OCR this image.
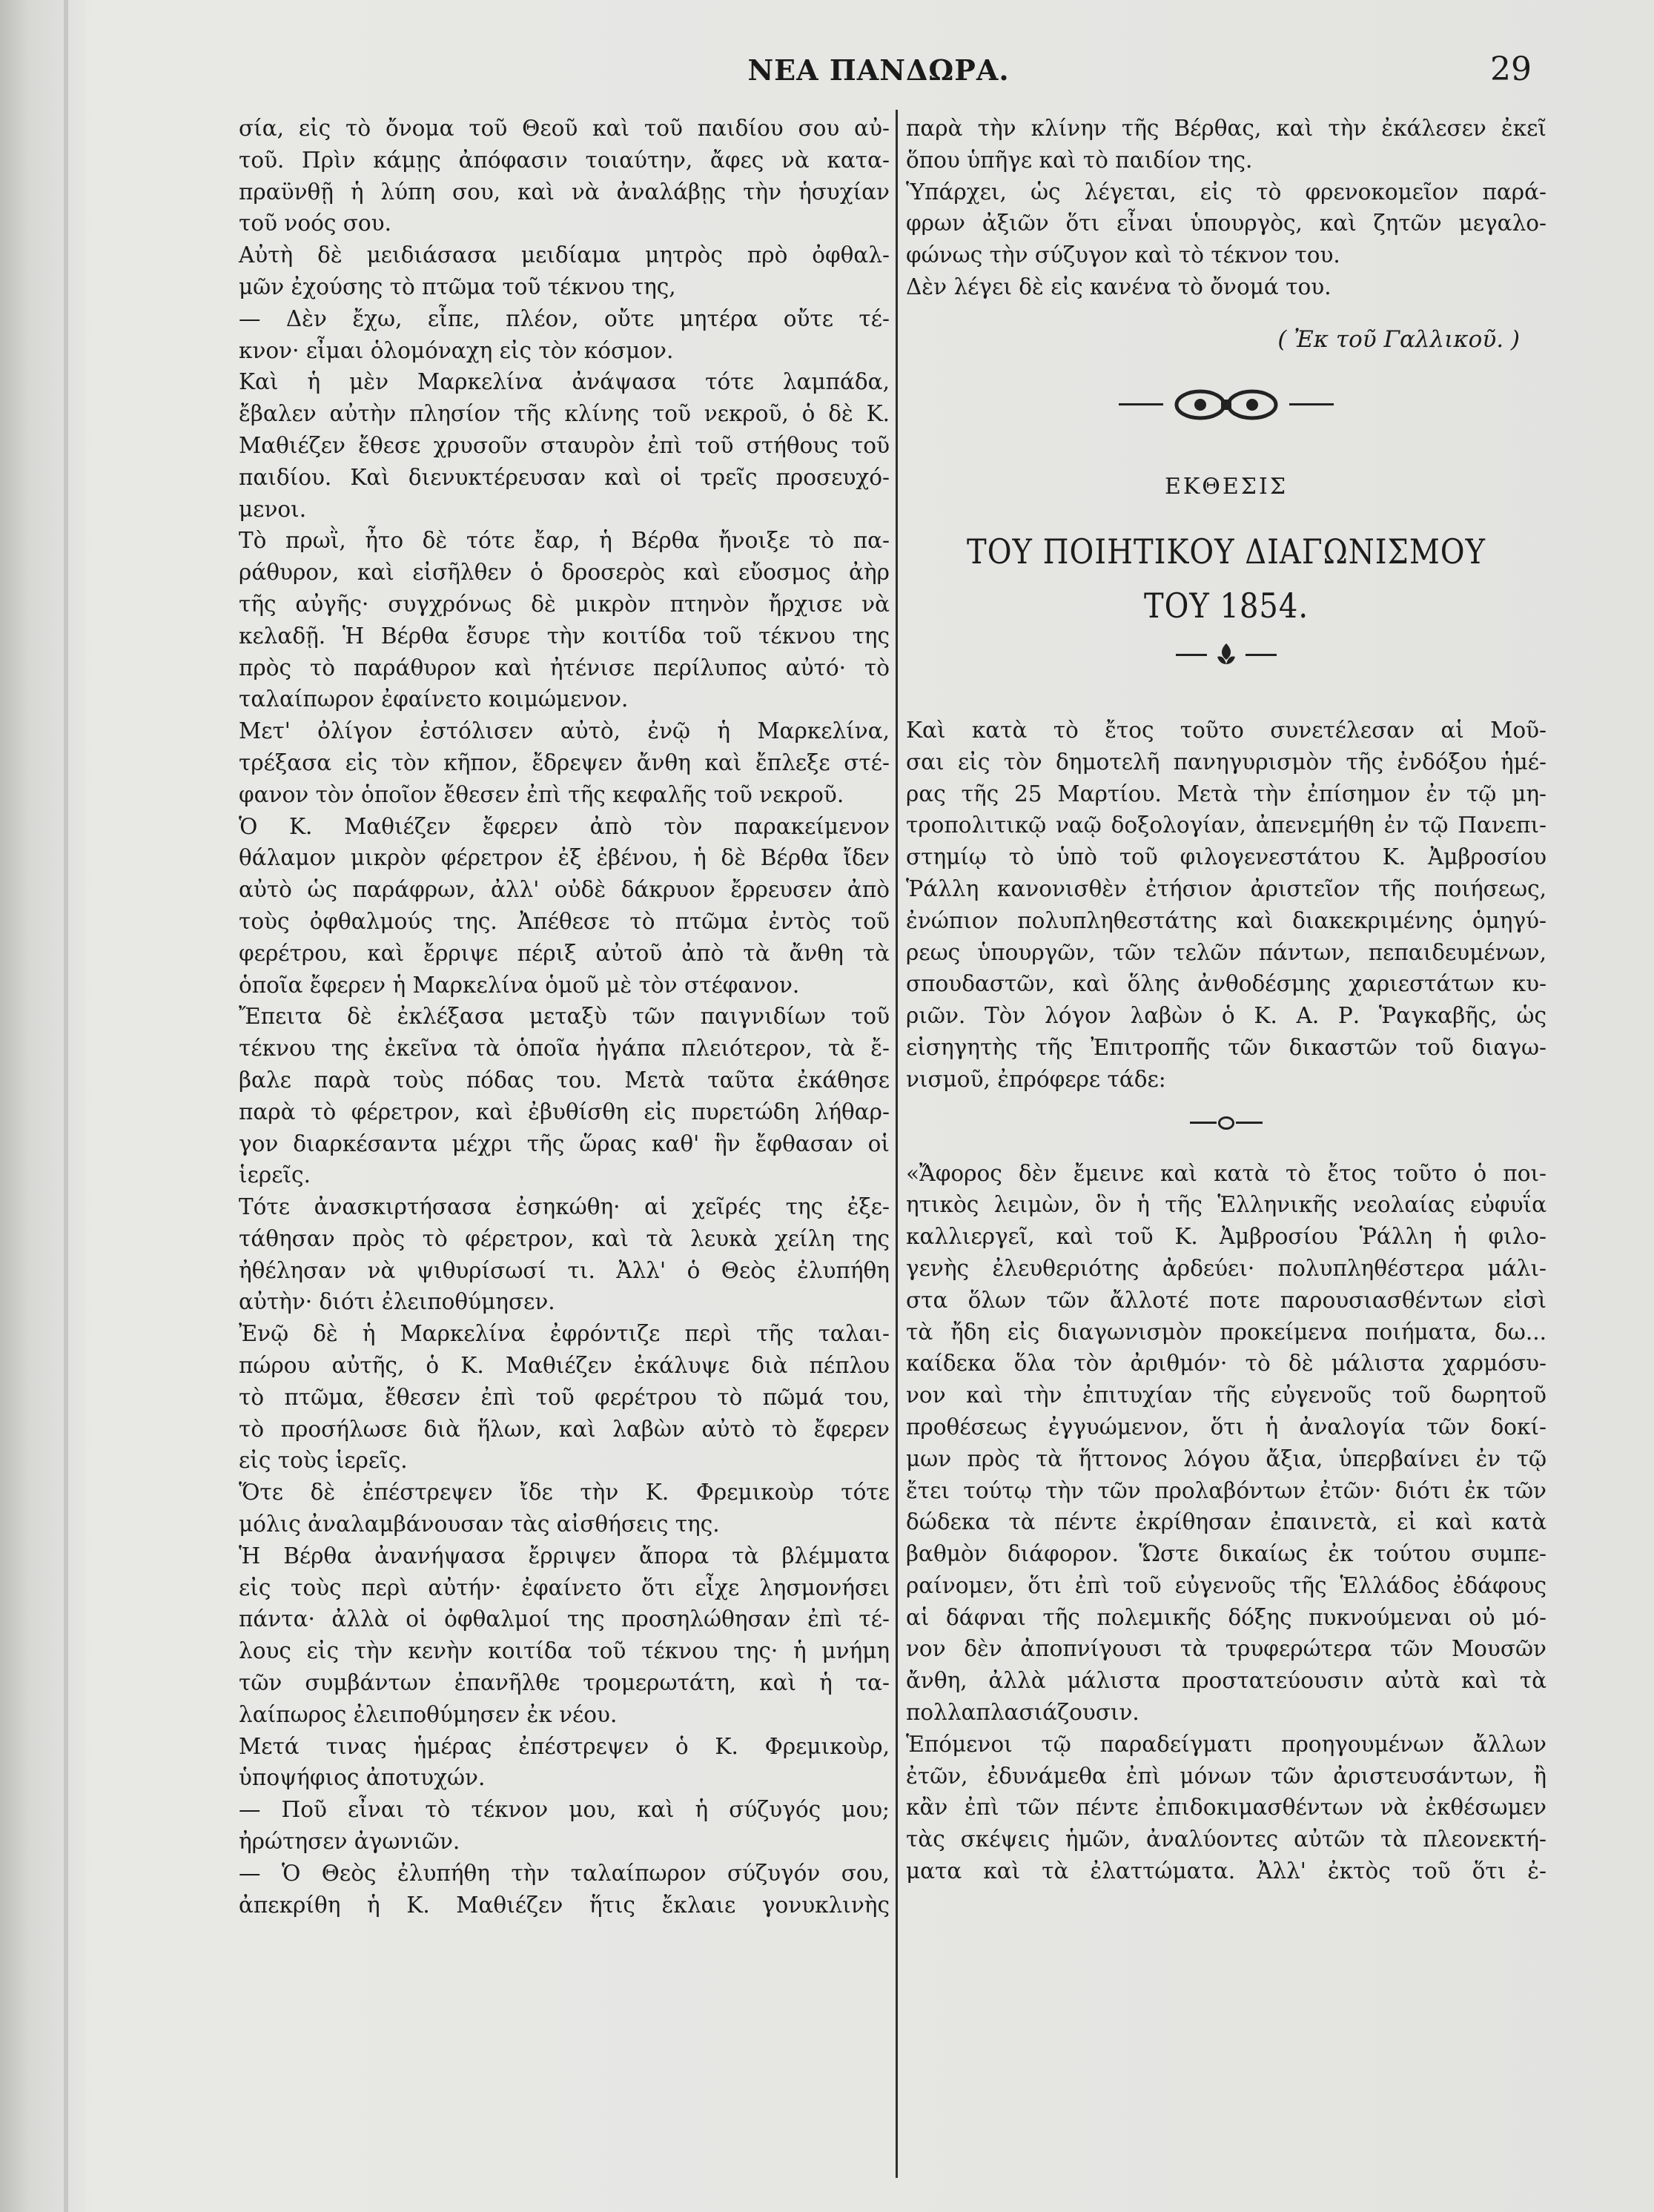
ΝΕΑ ΠΑΝΔΩΡΑ.	29
σία, εἰς τὸ ὄνομα τοῦ Θεοῦ καὶ τοῦ παιδίου σου αὐ-
τοῦ. Πρὶν κάμῃς ἀπόφασιν τοιαύτην, ἄφες νὰ κατα-
πραϋνθῇ ἡ λύπη σου, καὶ νὰ ἀναλάβῃς τὴν ἡσυχίαν
τοῦ νοός σου.
Αὐτὴ δὲ μειδιάσασα μειδίαμα μητρὸς πρὸ ὀφθαλ-
μῶν ἐχούσης τὸ πτῶμα τοῦ τέκνου της,
— Δὲν ἔχω, εἶπε, πλέον, οὔτε μητέρα οὔτε τέ-
κνον· εἶμαι ὁλομόναχη εἰς τὸν κόσμον.
Καὶ ἡ μὲν Μαρκελίνα ἀνάψασα τότε λαμπάδα,
ἔβαλεν αὐτὴν πλησίον τῆς κλίνης τοῦ νεκροῦ, ὁ δὲ Κ.
Μαθιέζεν ἔθεσε χρυσοῦν σταυρὸν ἐπὶ τοῦ στήθους τοῦ
παιδίου. Καὶ διενυκτέρευσαν καὶ οἱ τρεῖς προσευχό-
μενοι.
Τὸ πρωῒ, ἦτο δὲ τότε ἔαρ, ἡ Βέρθα ἤνοιξε τὸ πα-
ράθυρον, καὶ εἰσῆλθεν ὁ δροσερὸς καὶ εὔοσμος ἀὴρ
τῆς αὐγῆς· συγχρόνως δὲ μικρὸν πτηνὸν ἤρχισε νὰ
κελαδῇ. Ἡ Βέρθα ἔσυρε τὴν κοιτίδα τοῦ τέκνου της
πρὸς τὸ παράθυρον καὶ ἠτένισε περίλυπος αὐτό· τὸ
ταλαίπωρον ἐφαίνετο κοιμώμενον.
Μετ' ὀλίγον ἐστόλισεν αὐτὸ, ἐνῷ ἡ Μαρκελίνα,
τρέξασα εἰς τὸν κῆπον, ἔδρεψεν ἄνθη καὶ ἔπλεξε στέ-
φανον τὸν ὁποῖον ἔθεσεν ἐπὶ τῆς κεφαλῆς τοῦ νεκροῦ.
Ὁ Κ. Μαθιέζεν ἔφερεν ἀπὸ τὸν παρακείμενον
θάλαμον μικρὸν φέρετρον ἐξ ἐβένου, ἡ δὲ Βέρθα ἴδεν
αὐτὸ ὡς παράφρων, ἀλλ' οὐδὲ δάκρυον ἔρρευσεν ἀπὸ
τοὺς ὀφθαλμούς της. Ἀπέθεσε τὸ πτῶμα ἐντὸς τοῦ
φερέτρου, καὶ ἔρριψε πέριξ αὐτοῦ ἀπὸ τὰ ἄνθη τὰ
ὁποῖα ἔφερεν ἡ Μαρκελίνα ὁμοῦ μὲ τὸν στέφανον.
Ἔπειτα δὲ ἐκλέξασα μεταξὺ τῶν παιγνιδίων τοῦ
τέκνου της ἐκεῖνα τὰ ὁποῖα ἠγάπα πλειότερον, τὰ ἔ-
βαλε παρὰ τοὺς πόδας του. Μετὰ ταῦτα ἐκάθησε
παρὰ τὸ φέρετρον, καὶ ἐβυθίσθη εἰς πυρετώδη λήθαρ-
γον διαρκέσαντα μέχρι τῆς ὥρας καθ' ἣν ἔφθασαν οἱ
ἱερεῖς.
Τότε ἀνασκιρτήσασα ἐσηκώθη· αἱ χεῖρές της ἐξε-
τάθησαν πρὸς τὸ φέρετρον, καὶ τὰ λευκὰ χείλη της
ἠθέλησαν νὰ ψιθυρίσωσί τι. Ἀλλ' ὁ Θεὸς ἐλυπήθη
αὐτὴν· διότι ἐλειποθύμησεν.
Ἐνῷ δὲ ἡ Μαρκελίνα ἐφρόντιζε περὶ τῆς ταλαι-
πώρου αὐτῆς, ὁ Κ. Μαθιέζεν ἐκάλυψε διὰ πέπλου
τὸ πτῶμα, ἔθεσεν ἐπὶ τοῦ φερέτρου τὸ πῶμά του,
τὸ προσήλωσε διὰ ἥλων, καὶ λαβὼν αὐτὸ τὸ ἔφερεν
εἰς τοὺς ἱερεῖς.
Ὅτε δὲ ἐπέστρεψεν ἴδε τὴν Κ. Φρεμικοὺρ τότε
μόλις ἀναλαμβάνουσαν τὰς αἰσθήσεις της.
Ἡ Βέρθα ἀνανήψασα ἔρριψεν ἄπορα τὰ βλέμματα
εἰς τοὺς περὶ αὐτήν· ἐφαίνετο ὅτι εἶχε λησμονήσει
πάντα· ἀλλὰ οἱ ὀφθαλμοί της προσηλώθησαν ἐπὶ τέ-
λους εἰς τὴν κενὴν κοιτίδα τοῦ τέκνου της· ἡ μνήμη
τῶν συμβάντων ἐπανῆλθε τρομερωτάτη, καὶ ἡ τα-
λαίπωρος ἐλειποθύμησεν ἐκ νέου.
Μετά τινας ἡμέρας ἐπέστρεψεν ὁ Κ. Φρεμικοὺρ,
ὑποψήφιος ἀποτυχών.
— Ποῦ εἶναι τὸ τέκνον μου, καὶ ἡ σύζυγός μου;
ἠρώτησεν ἀγωνιῶν.
— Ὁ Θεὸς ἐλυπήθη τὴν ταλαίπωρον σύζυγόν σου,
ἀπεκρίθη ἡ Κ. Μαθιέζεν ἥτις ἔκλαιε γονυκλινὴς
παρὰ τὴν κλίνην τῆς Βέρθας, καὶ τὴν ἐκάλεσεν ἐκεῖ
ὅπου ὑπῆγε καὶ τὸ παιδίον της.
Ὑπάρχει, ὡς λέγεται, εἰς τὸ φρενοκομεῖον παρά-
φρων ἀξιῶν ὅτι εἶναι ὑπουργὸς, καὶ ζητῶν μεγαλο-
φώνως τὴν σύζυγον καὶ τὸ τέκνον του.
Δὲν λέγει δὲ εἰς κανένα τὸ ὄνομά του.
( Ἐκ τοῦ Γαλλικοῦ. )
ΕΚΘΕΣΙΣ
ΤΟΥ ΠΟΙΗΤΙΚΟΥ ΔΙΑΓΩΝΙΣΜΟΥ
ΤΟΥ 1854.
Καὶ κατὰ τὸ ἔτος τοῦτο συνετέλεσαν αἱ Μοῦ-
σαι εἰς τὸν δημοτελῆ πανηγυρισμὸν τῆς ἐνδόξου ἡμέ-
ρας τῆς 25 Μαρτίου. Μετὰ τὴν ἐπίσημον ἐν τῷ μη-
τροπολιτικῷ ναῷ δοξολογίαν, ἀπενεμήθη ἐν τῷ Πανεπι-
στημίῳ τὸ ὑπὸ τοῦ φιλογενεστάτου Κ. Ἀμβροσίου
Ῥάλλη κανονισθὲν ἐτήσιον ἀριστεῖον τῆς ποιήσεως,
ἐνώπιον πολυπληθεστάτης καὶ διακεκριμένης ὁμηγύ-
ρεως ὑπουργῶν, τῶν τελῶν πάντων, πεπαιδευμένων,
σπουδαστῶν, καὶ ὅλης ἀνθοδέσμης χαριεστάτων κυ-
ριῶν. Τὸν λόγον λαβὼν ὁ Κ. Α. Ρ. Ῥαγκαβῆς, ὡς
εἰσηγητὴς τῆς Ἐπιτροπῆς τῶν δικαστῶν τοῦ διαγω-
νισμοῦ, ἐπρόφερε τάδε:
«Ἄφορος δὲν ἔμεινε καὶ κατὰ τὸ ἔτος τοῦτο ὁ ποι-
ητικὸς λειμὼν, ὃν ἡ τῆς Ἑλληνικῆς νεολαίας εὐφυΐα
καλλιεργεῖ, καὶ τοῦ Κ. Ἀμβροσίου Ῥάλλη ἡ φιλο-
γενὴς ἐλευθεριότης ἀρδεύει· πολυπληθέστερα μάλι-
στα ὅλων τῶν ἄλλοτέ ποτε παρουσιασθέντων εἰσὶ
τὰ ἤδη εἰς διαγωνισμὸν προκείμενα ποιήματα, δω...
καίδεκα ὅλα τὸν ἀριθμόν· τὸ δὲ μάλιστα χαρμόσυ-
νον καὶ τὴν ἐπιτυχίαν τῆς εὐγενοῦς τοῦ δωρητοῦ
προθέσεως ἐγγυώμενον, ὅτι ἡ ἀναλογία τῶν δοκί-
μων πρὸς τὰ ἥττονος λόγου ἄξια, ὑπερβαίνει ἐν τῷ
ἔτει τούτῳ τὴν τῶν προλαβόντων ἐτῶν· διότι ἐκ τῶν
δώδεκα τὰ πέντε ἐκρίθησαν ἐπαινετὰ, εἰ καὶ κατὰ
βαθμὸν διάφορον. Ὥστε δικαίως ἐκ τούτου συμπε-
ραίνομεν, ὅτι ἐπὶ τοῦ εὐγενοῦς τῆς Ἑλλάδος ἐδάφους
αἱ δάφναι τῆς πολεμικῆς δόξης πυκνούμεναι οὐ μό-
νον δὲν ἀποπνίγουσι τὰ τρυφερώτερα τῶν Μουσῶν
ἄνθη, ἀλλὰ μάλιστα προστατεύουσιν αὐτὰ καὶ τὰ
πολλαπλασιάζουσιν.
Ἑπόμενοι τῷ παραδείγματι προηγουμένων ἄλλων
ἐτῶν, ἐδυνάμεθα ἐπὶ μόνων τῶν ἀριστευσάντων, ἢ
κἂν ἐπὶ τῶν πέντε ἐπιδοκιμασθέντων νὰ ἐκθέσωμεν
τὰς σκέψεις ἡμῶν, ἀναλύοντες αὐτῶν τὰ πλεονεκτή-
ματα καὶ τὰ ἐλαττώματα. Ἀλλ' ἐκτὸς τοῦ ὅτι ἐ-
